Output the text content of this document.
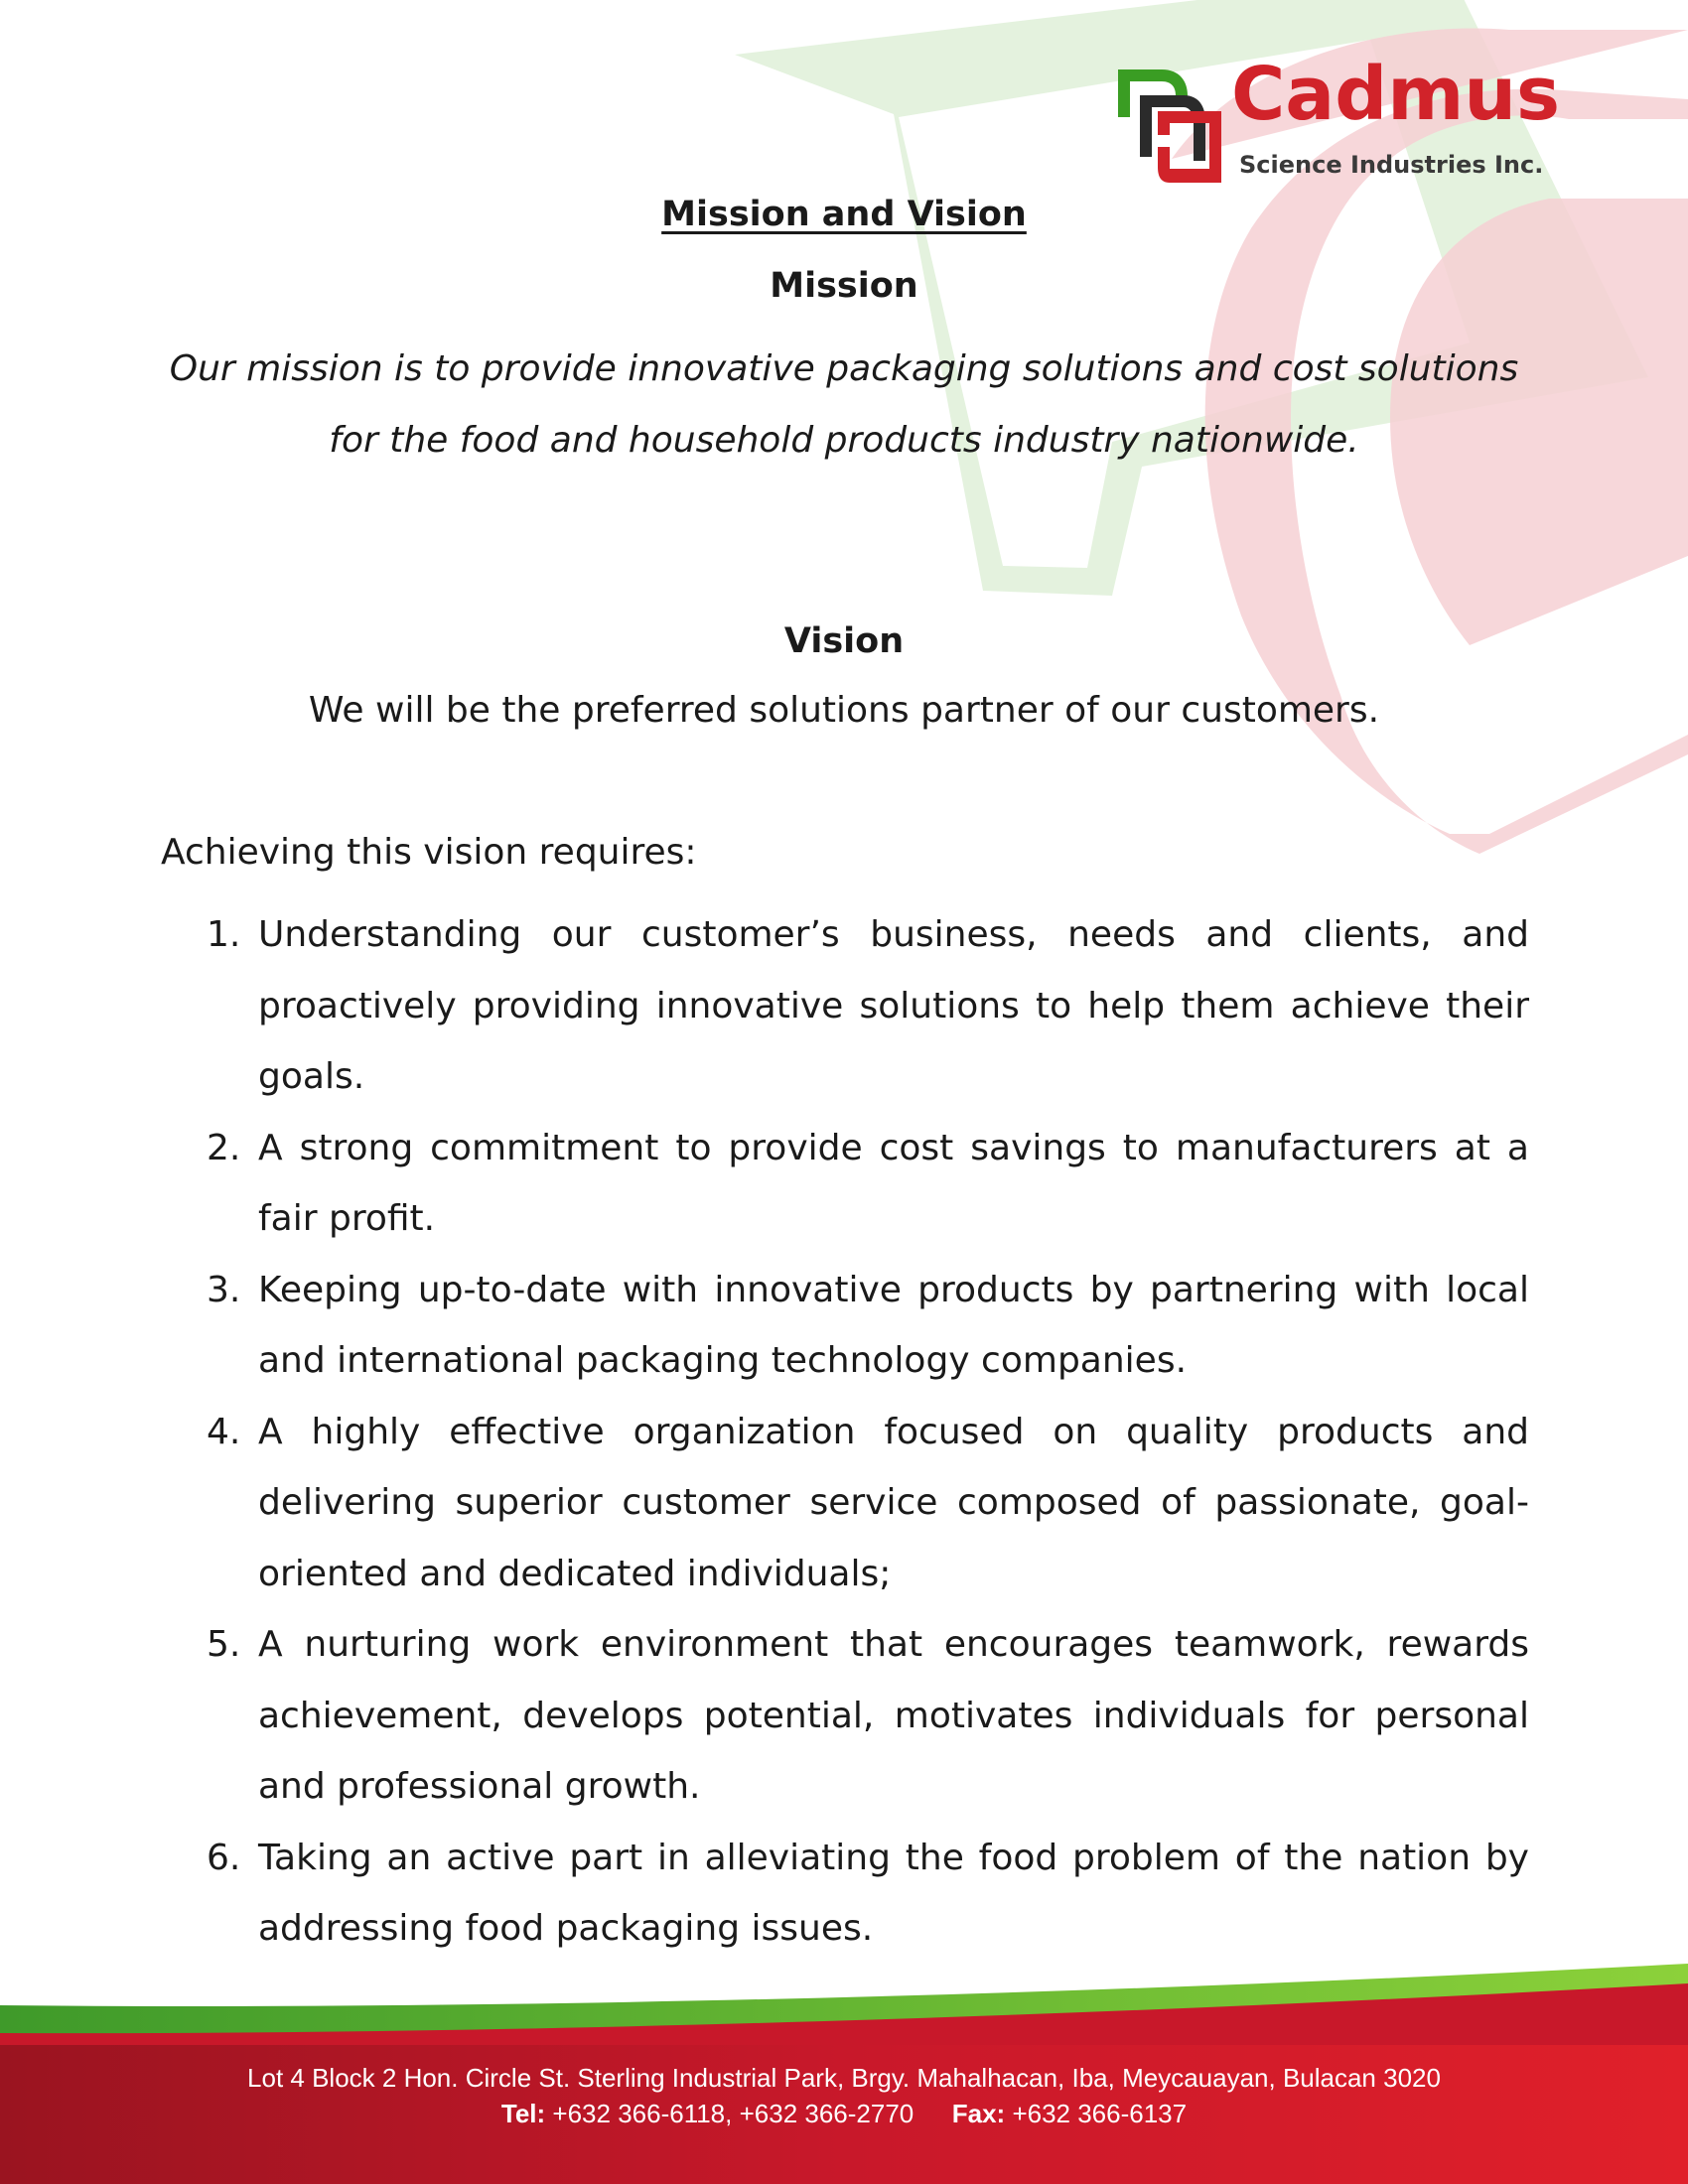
Cadmus
Science Industries Inc.
Mission and Vision
Mission
Our mission is to provide innovative packaging solutions and cost solutions for the food and household products industry nationwide.
Vision
We will be the preferred solutions partner of our customers.
Achieving this vision requires:
1. Understanding our customer’s business, needs and clients, and proactively providing innovative solutions to help them achieve their goals.
2. A strong commitment to provide cost savings to manufacturers at a fair profit.
3. Keeping up-to-date with innovative products by partnering with local and international packaging technology companies.
4. A highly effective organization focused on quality products and delivering superior customer service composed of passionate, goal-oriented and dedicated individuals;
5. A nurturing work environment that encourages teamwork, rewards achievement, develops potential, motivates individuals for personal and professional growth.
6. Taking an active part in alleviating the food problem of the nation by addressing food packaging issues.
Lot 4 Block 2 Hon. Circle St. Sterling Industrial Park, Brgy. Mahalhacan, Iba, Meycauayan, Bulacan 3020
Tel: +632 366-6118, +632 366-2770 Fax: +632 366-6137
